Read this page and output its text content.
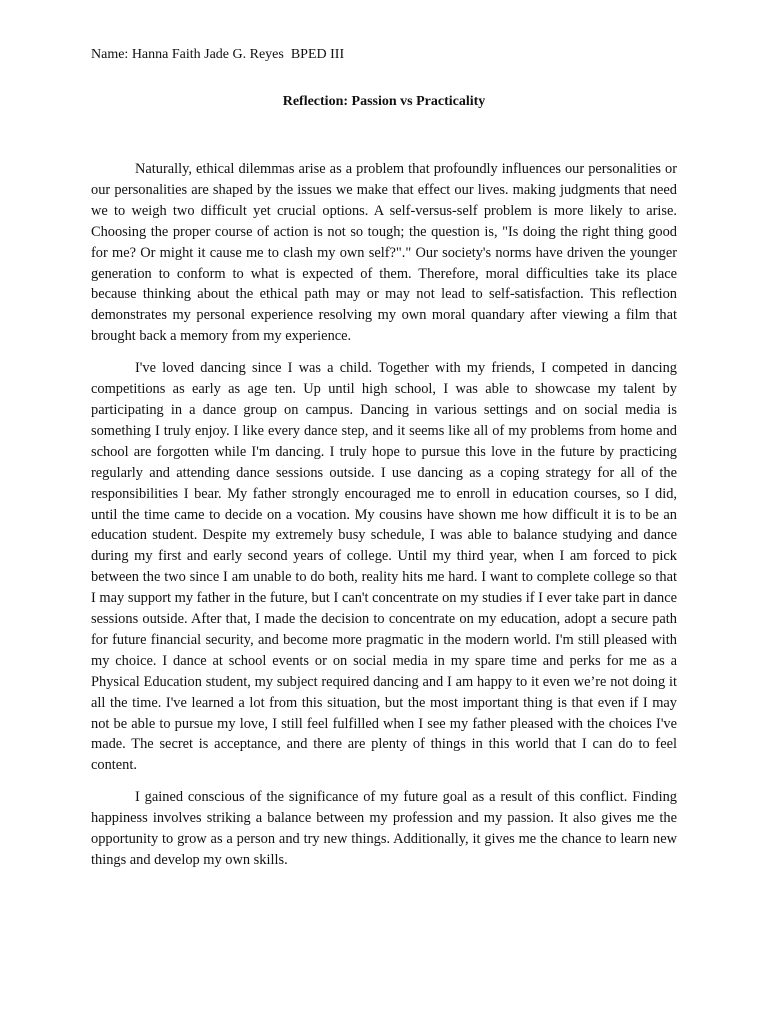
Name: Hanna Faith Jade G. Reyes  BPED III
Reflection: Passion vs Practicality

Naturally, ethical dilemmas arise as a problem that profoundly influences our personalities or our personalities are shaped by the issues we make that effect our lives. making judgments that need we to weigh two difficult yet crucial options. A self-versus-self problem is more likely to arise. Choosing the proper course of action is not so tough; the question is, "Is doing the right thing good for me? Or might it cause me to clash my own self?"." Our society's norms have driven the younger generation to conform to what is expected of them. Therefore, moral difficulties take its place because thinking about the ethical path may or may not lead to self-satisfaction. This reflection demonstrates my personal experience resolving my own moral quandary after viewing a film that brought back a memory from my experience.

I've loved dancing since I was a child. Together with my friends, I competed in dancing competitions as early as age ten. Up until high school, I was able to showcase my talent by participating in a dance group on campus. Dancing in various settings and on social media is something I truly enjoy. I like every dance step, and it seems like all of my problems from home and school are forgotten while I'm dancing. I truly hope to pursue this love in the future by practicing regularly and attending dance sessions outside. I use dancing as a coping strategy for all of the responsibilities I bear. My father strongly encouraged me to enroll in education courses, so I did, until the time came to decide on a vocation. My cousins have shown me how difficult it is to be an education student. Despite my extremely busy schedule, I was able to balance studying and dance during my first and early second years of college. Until my third year, when I am forced to pick between the two since I am unable to do both, reality hits me hard. I want to complete college so that I may support my father in the future, but I can't concentrate on my studies if I ever take part in dance sessions outside. After that, I made the decision to concentrate on my education, adopt a secure path for future financial security, and become more pragmatic in the modern world. I'm still pleased with my choice. I dance at school events or on social media in my spare time and perks for me as a Physical Education student, my subject required dancing and I am happy to it even we’re not doing it all the time. I've learned a lot from this situation, but the most important thing is that even if I may not be able to pursue my love, I still feel fulfilled when I see my father pleased with the choices I've made. The secret is acceptance, and there are plenty of things in this world that I can do to feel content.

I gained conscious of the significance of my future goal as a result of this conflict. Finding happiness involves striking a balance between my profession and my passion. It also gives me the opportunity to grow as a person and try new things. Additionally, it gives me the chance to learn new things and develop my own skills.
